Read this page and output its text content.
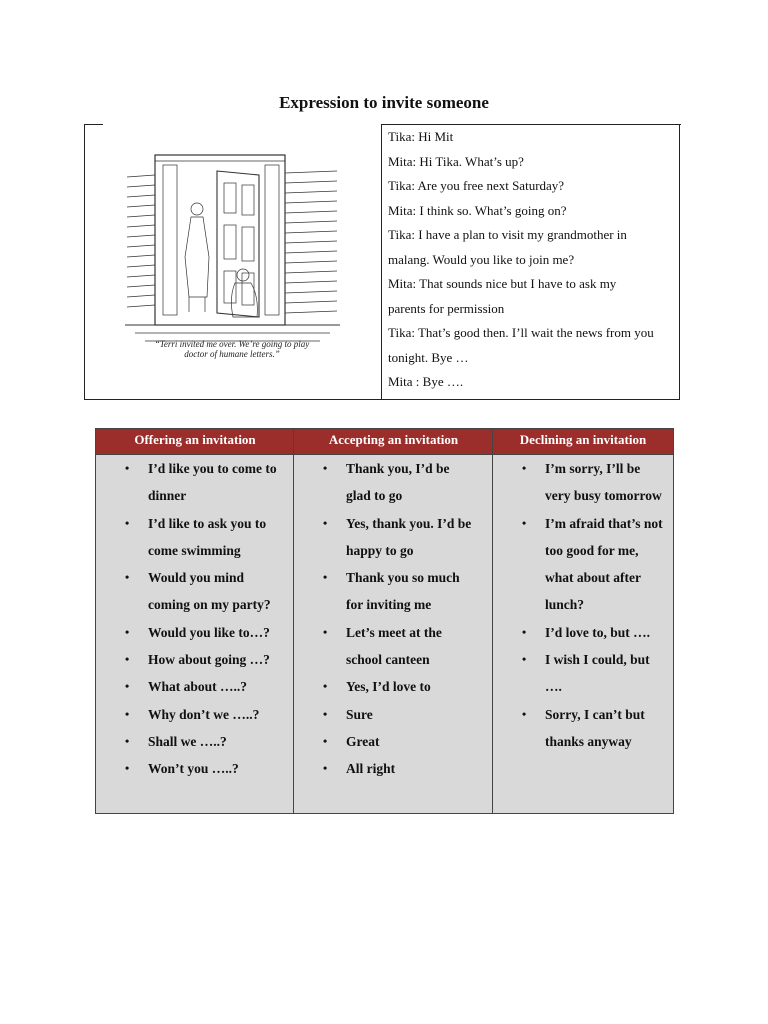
Expression to invite someone
“Terri invited me over. We’re going to play
doctor of humane letters.”
Tika: Hi Mit
Mita: Hi Tika. What’s up?
Tika: Are you free next Saturday?
Mita: I think so. What’s going on?
Tika: I have a plan to visit my grandmother in
malang. Would you like to join me?
Mita: That sounds nice but I have to ask my
parents for permission
Tika: That’s good then. I’ll wait the news from you
tonight. Bye …
Mita : Bye ….
Offering an invitation	Accepting an invitation	Declining an invitation
• I’d like you to come to dinner
• I’d like to ask you to come swimming
• Would you mind coming on my party?
• Would you like to…?
• How about going …?
• What about …..?
• Why don’t we …..?
• Shall we …..?
• Won’t you …..?
• Thank you, I’d be glad to go
• Yes, thank you. I’d be happy to go
• Thank you so much for inviting me
• Let’s meet at the school canteen
• Yes, I’d love to
• Sure
• Great
• All right
• I’m sorry, I’ll be very busy tomorrow
• I’m afraid that’s not too good for me, what about after lunch?
• I’d love to, but ….
• I wish I could, but ….
• Sorry, I can’t but thanks anyway
